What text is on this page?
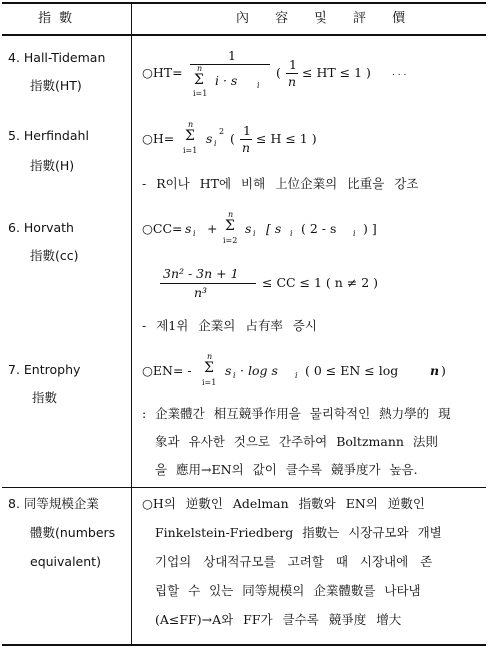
指 數	內 容 및 評 價
4. Hall-Tideman
指數(HT)
○HT=
1
n
Σ
i=1
i · s i
(
1
n
≤ HT ≤ 1 ) . . .
5. Herfindahl
指數(H)
○H=
n
Σ
i=1
s i
2 (
1
n
≤ H ≤ 1 )
- R이나 HT에 비해 上位企業의 比重을 강조
6. Horvath
指數(cc)
○CC= s i +
n
Σ
i=2
s i [ s i ( 2 - s i ) ]
3n² - 3n + 1
n³
≤ CC ≤ 1 ( n ≠ 2 )
- 제1위 企業의 占有率 증시
7. Entrophy
指數
○EN= -
n
Σ
i=1
s i · log s i ( 0 ≤ EN ≤ log	n )
: 企業體간 相互競爭作用을 물리학적인 熱力學的 現
象과 유사한 것으로 간주하여 Boltzmann 法則
을 應用→EN의 값이 클수록 競爭度가 높음.
8. 同等規模企業
體數(numbers
equivalent)
○H의 逆數인 Adelman 指數와 EN의 逆數인
Finkelstein-Friedberg 指數는 시장규모와 개별
기업의 상대적규모를 고려할 때 시장내에 존
립할 수 있는 同等規模의 企業體數를 나타냄
(A≤FF)→A와 FF가 클수록 競爭度 增大
